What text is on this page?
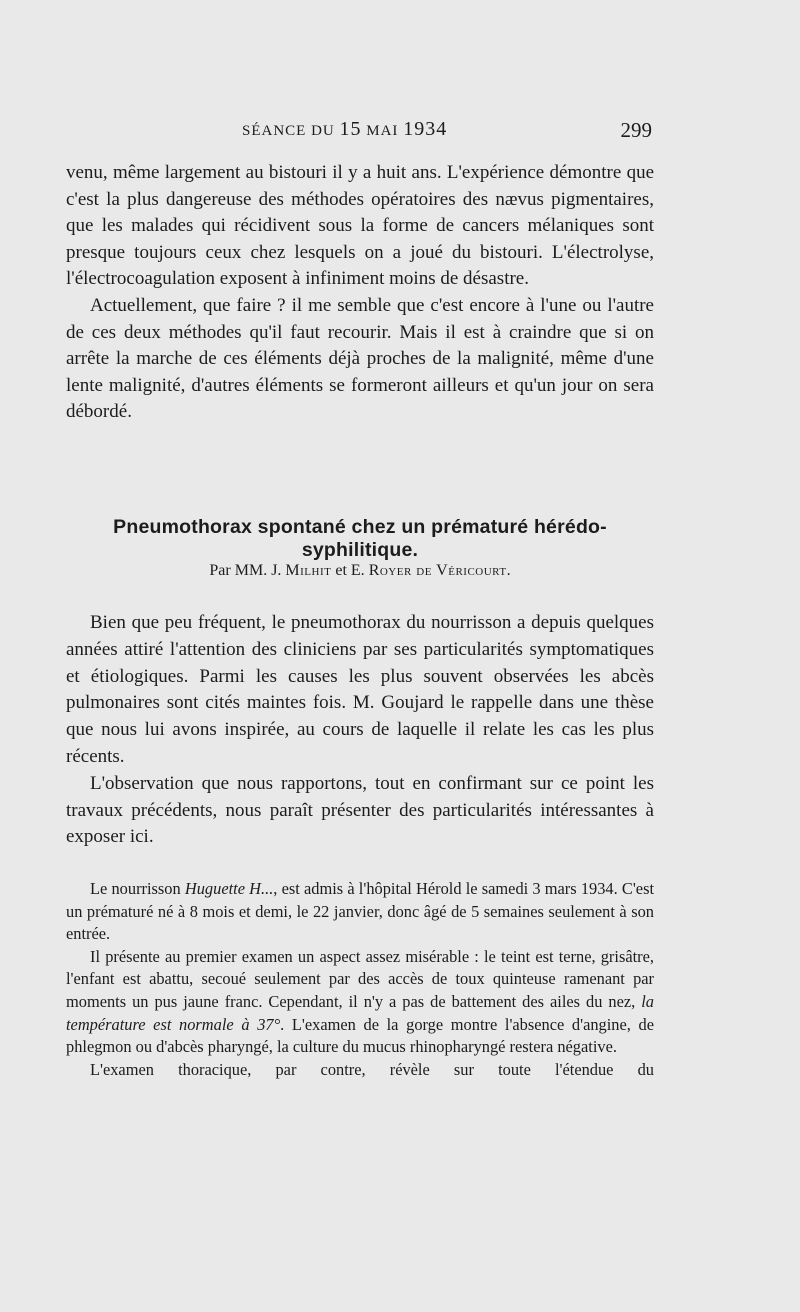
SÉANCE DU 15 MAI 1934	299

venu, même largement au bistouri il y a huit ans. L'expérience démontre que c'est la plus dangereuse des méthodes opératoires des nævus pigmentaires, que les malades qui récidivent sous la forme de cancers mélaniques sont presque toujours ceux chez lesquels on a joué du bistouri. L'électrolyse, l'électrocoagulation exposent à infiniment moins de désastre.

Actuellement, que faire ? il me semble que c'est encore à l'une ou l'autre de ces deux méthodes qu'il faut recourir. Mais il est à craindre que si on arrête la marche de ces éléments déjà proches de la malignité, même d'une lente malignité, d'autres éléments se formeront ailleurs et qu'un jour on sera débordé.

Pneumothorax spontané chez un prématuré hérédo-syphilitique.
Par MM. J. Milhit et E. Royer de Véricourt.

Bien que peu fréquent, le pneumothorax du nourrisson a depuis quelques années attiré l'attention des cliniciens par ses particularités symptomatiques et étiologiques. Parmi les causes les plus souvent observées les abcès pulmonaires sont cités maintes fois. M. Goujard le rappelle dans une thèse que nous lui avons inspirée, au cours de laquelle il relate les cas les plus récents.

L'observation que nous rapportons, tout en confirmant sur ce point les travaux précédents, nous paraît présenter des particularités intéressantes à exposer ici.

Le nourrisson Huguette H..., est admis à l'hôpital Hérold le samedi 3 mars 1934. C'est un prématuré né à 8 mois et demi, le 22 janvier, donc âgé de 5 semaines seulement à son entrée.

Il présente au premier examen un aspect assez misérable : le teint est terne, grisâtre, l'enfant est abattu, secoué seulement par des accès de toux quinteuse ramenant par moments un pus jaune franc. Cependant, il n'y a pas de battement des ailes du nez, la température est normale à 37°. L'examen de la gorge montre l'absence d'angine, de phlegmon ou d'abcès pharyngé, la culture du mucus rhinopharyngé restera négative.

L'examen thoracique, par contre, révèle sur toute l'étendue du
